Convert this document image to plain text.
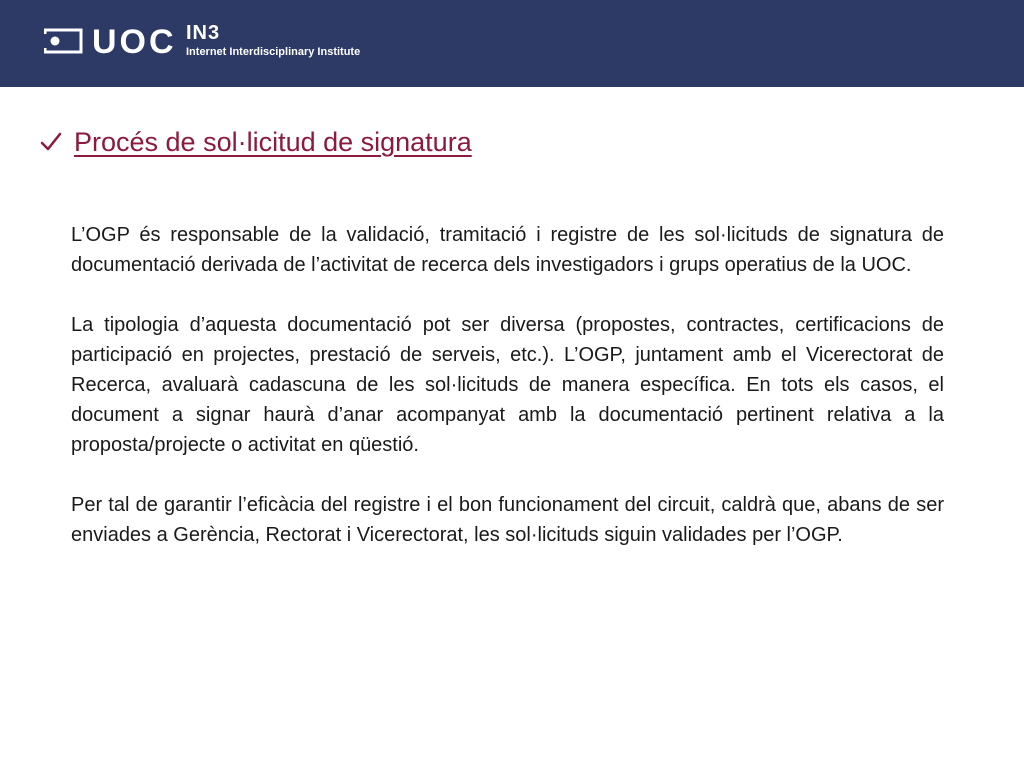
UOC IN3
Internet Interdisciplinary Institute
Procés de sol·licitud de signatura

L’OGP és responsable de la validació, tramitació i registre de les sol·licituds de signatura de documentació derivada de l’activitat de recerca dels investigadors i grups operatius de la UOC.

La tipologia d’aquesta documentació pot ser diversa (propostes, contractes, certificacions de participació en projectes, prestació de serveis, etc.). L’OGP, juntament amb el Vicerectorat de Recerca, avaluarà cadascuna de les sol·licituds de manera específica. En tots els casos, el document a signar haurà d’anar acompanyat amb la documentació pertinent relativa a la proposta/projecte o activitat en qüestió.

Per tal de garantir l’eficàcia del registre i el bon funcionament del circuit, caldrà que, abans de ser enviades a Gerència, Rectorat i Vicerectorat, les sol·licituds siguin validades per l’OGP.
